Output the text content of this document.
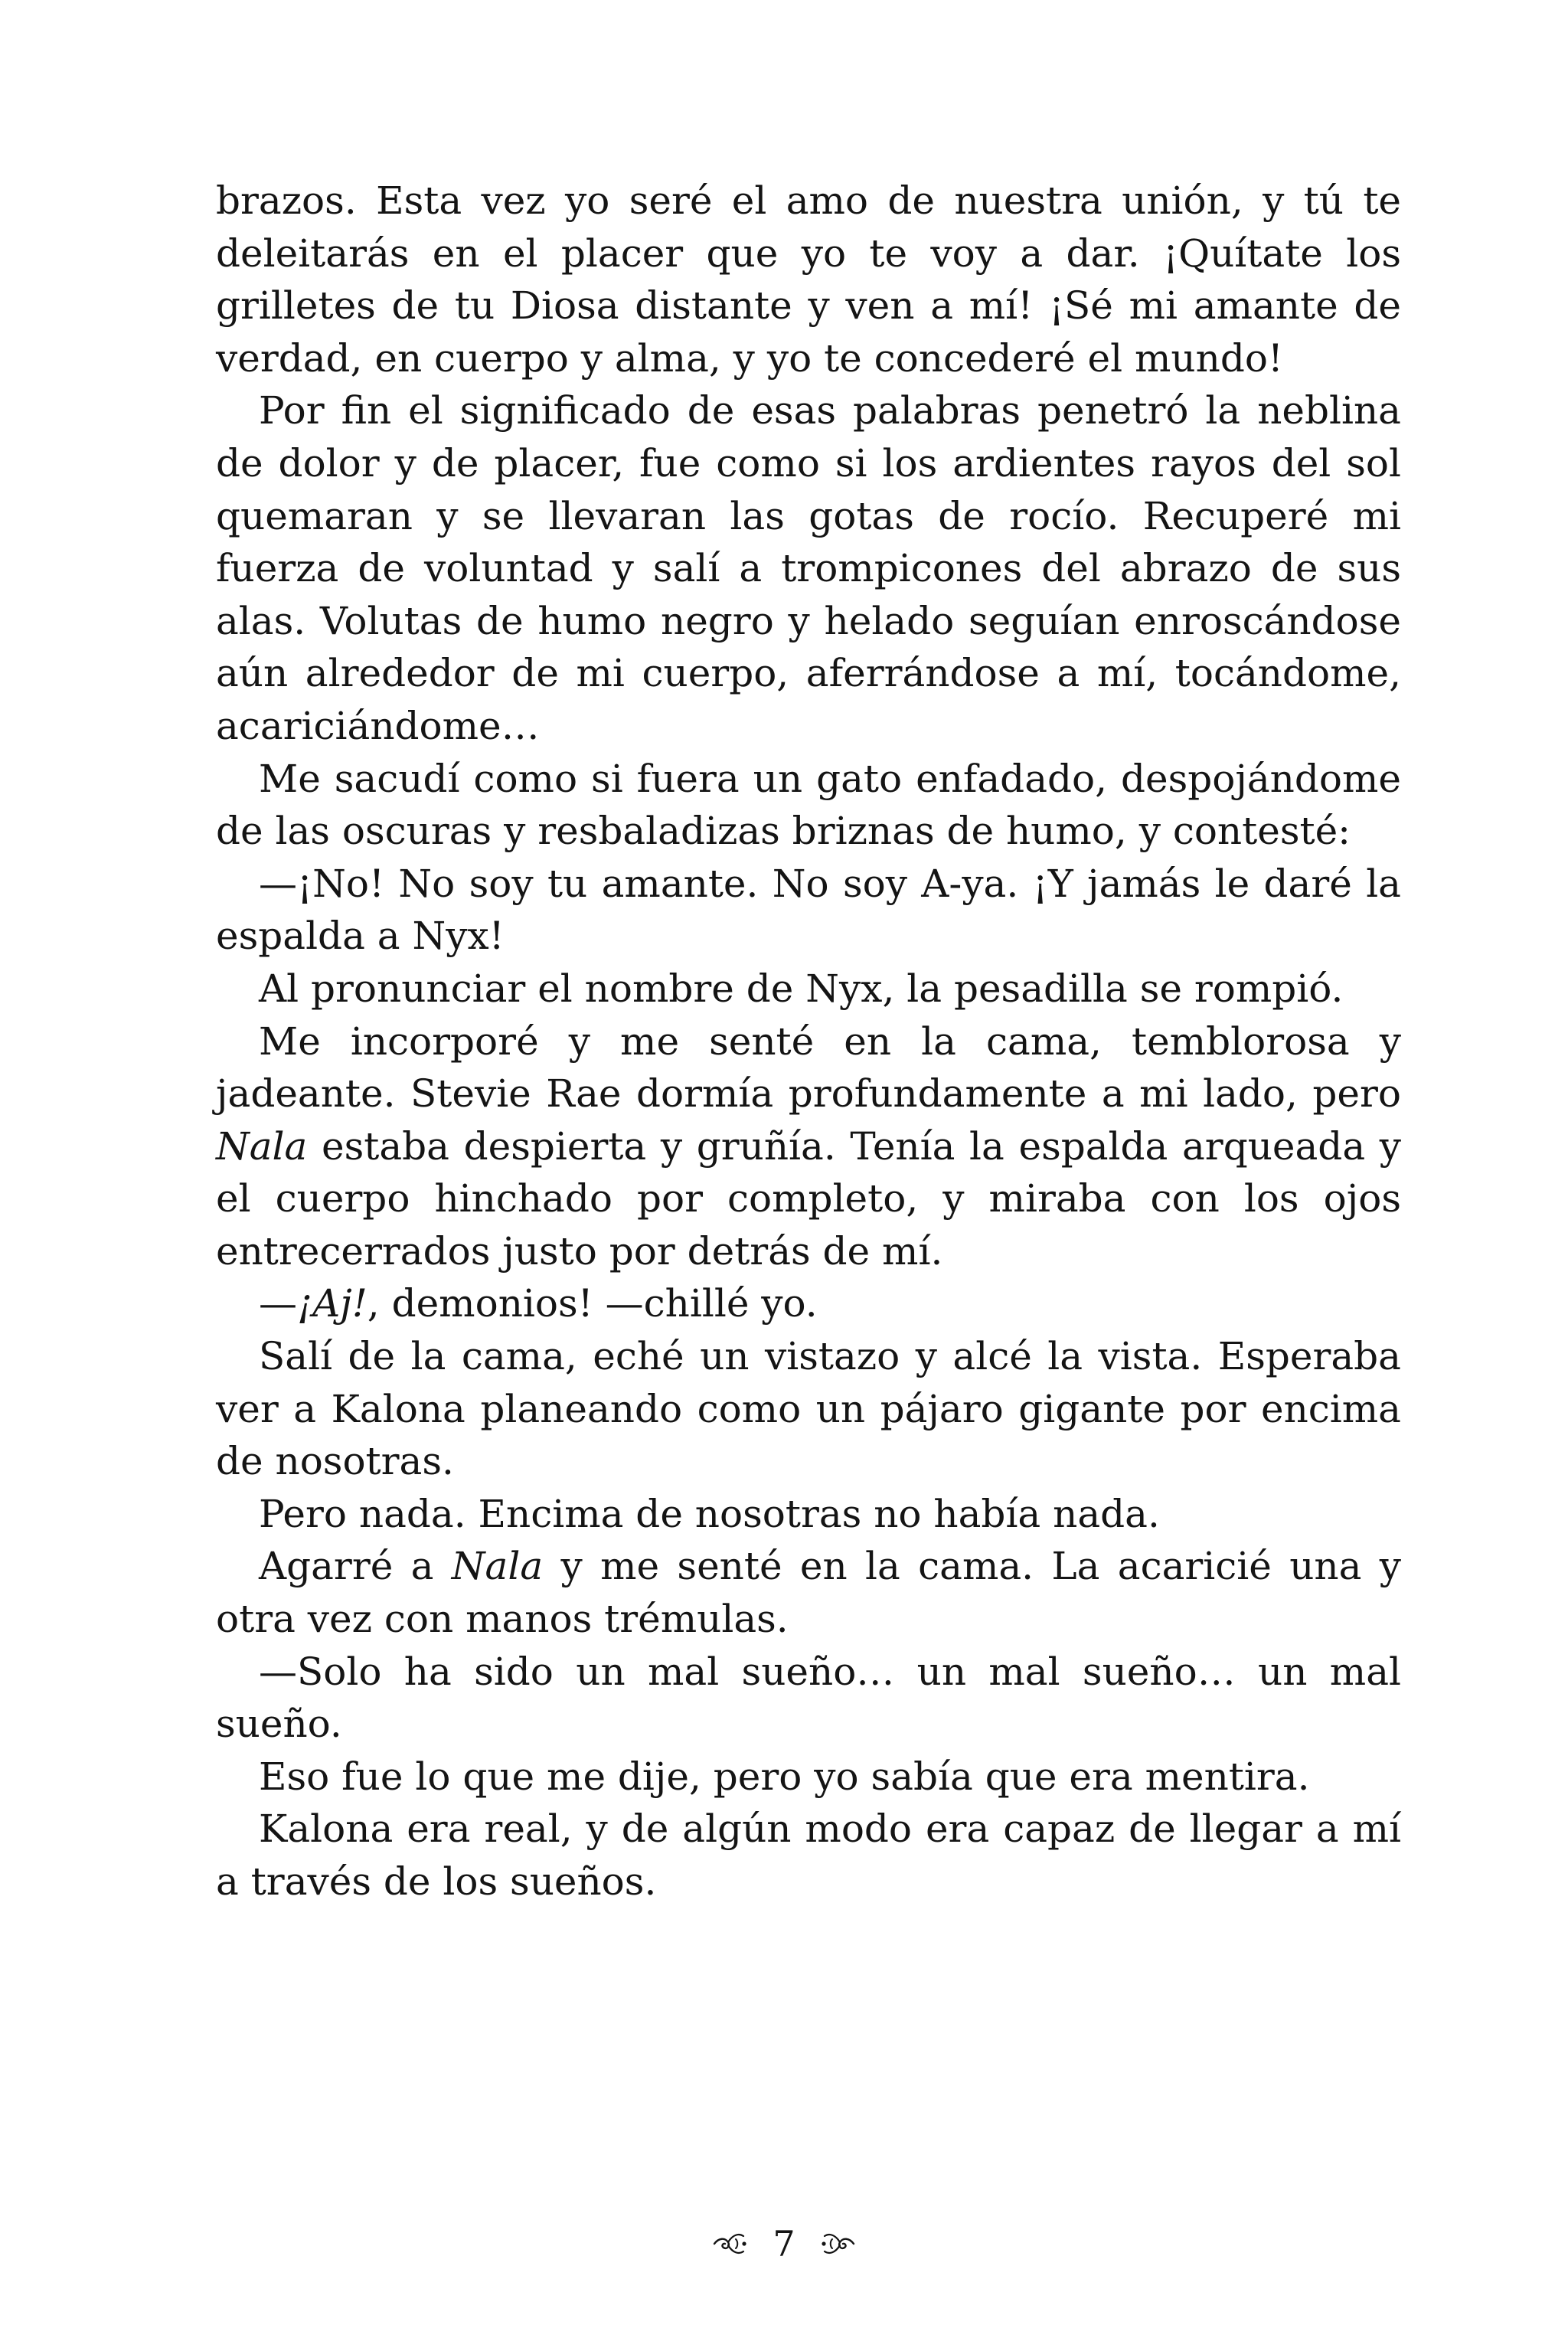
brazos. Esta vez yo seré el amo de nuestra unión, y tú te deleitarás en el placer que yo te voy a dar. ¡Quítate los grilletes de tu Diosa distante y ven a mí! ¡Sé mi amante de verdad, en cuerpo y alma, y yo te concederé el mundo!

Por fin el significado de esas palabras penetró la neblina de dolor y de placer, fue como si los ardientes rayos del sol quemaran y se llevaran las gotas de rocío. Recuperé mi fuerza de voluntad y salí a trompicones del abrazo de sus alas. Volutas de humo negro y helado seguían enroscándose aún alrededor de mi cuerpo, aferrándose a mí, tocándome, acariciándome…

Me sacudí como si fuera un gato enfadado, despojándome de las oscuras y resbaladizas briznas de humo, y contesté:

—¡No! No soy tu amante. No soy A-ya. ¡Y jamás le daré la espalda a Nyx!

Al pronunciar el nombre de Nyx, la pesadilla se rompió.

Me incorporé y me senté en la cama, temblorosa y jadeante. Stevie Rae dormía profundamente a mi lado, pero Nala estaba despierta y gruñía. Tenía la espalda arqueada y el cuerpo hinchado por completo, y miraba con los ojos entrecerrados justo por detrás de mí.

—¡Aj!, demonios! —chillé yo.

Salí de la cama, eché un vistazo y alcé la vista. Esperaba ver a Kalona planeando como un pájaro gigante por encima de nosotras.

Pero nada. Encima de nosotras no había nada.

Agarré a Nala y me senté en la cama. La acaricié una y otra vez con manos trémulas.

—Solo ha sido un mal sueño… un mal sueño… un mal sueño.

Eso fue lo que me dije, pero yo sabía que era mentira.

Kalona era real, y de algún modo era capaz de llegar a mí a través de los sueños.

7
